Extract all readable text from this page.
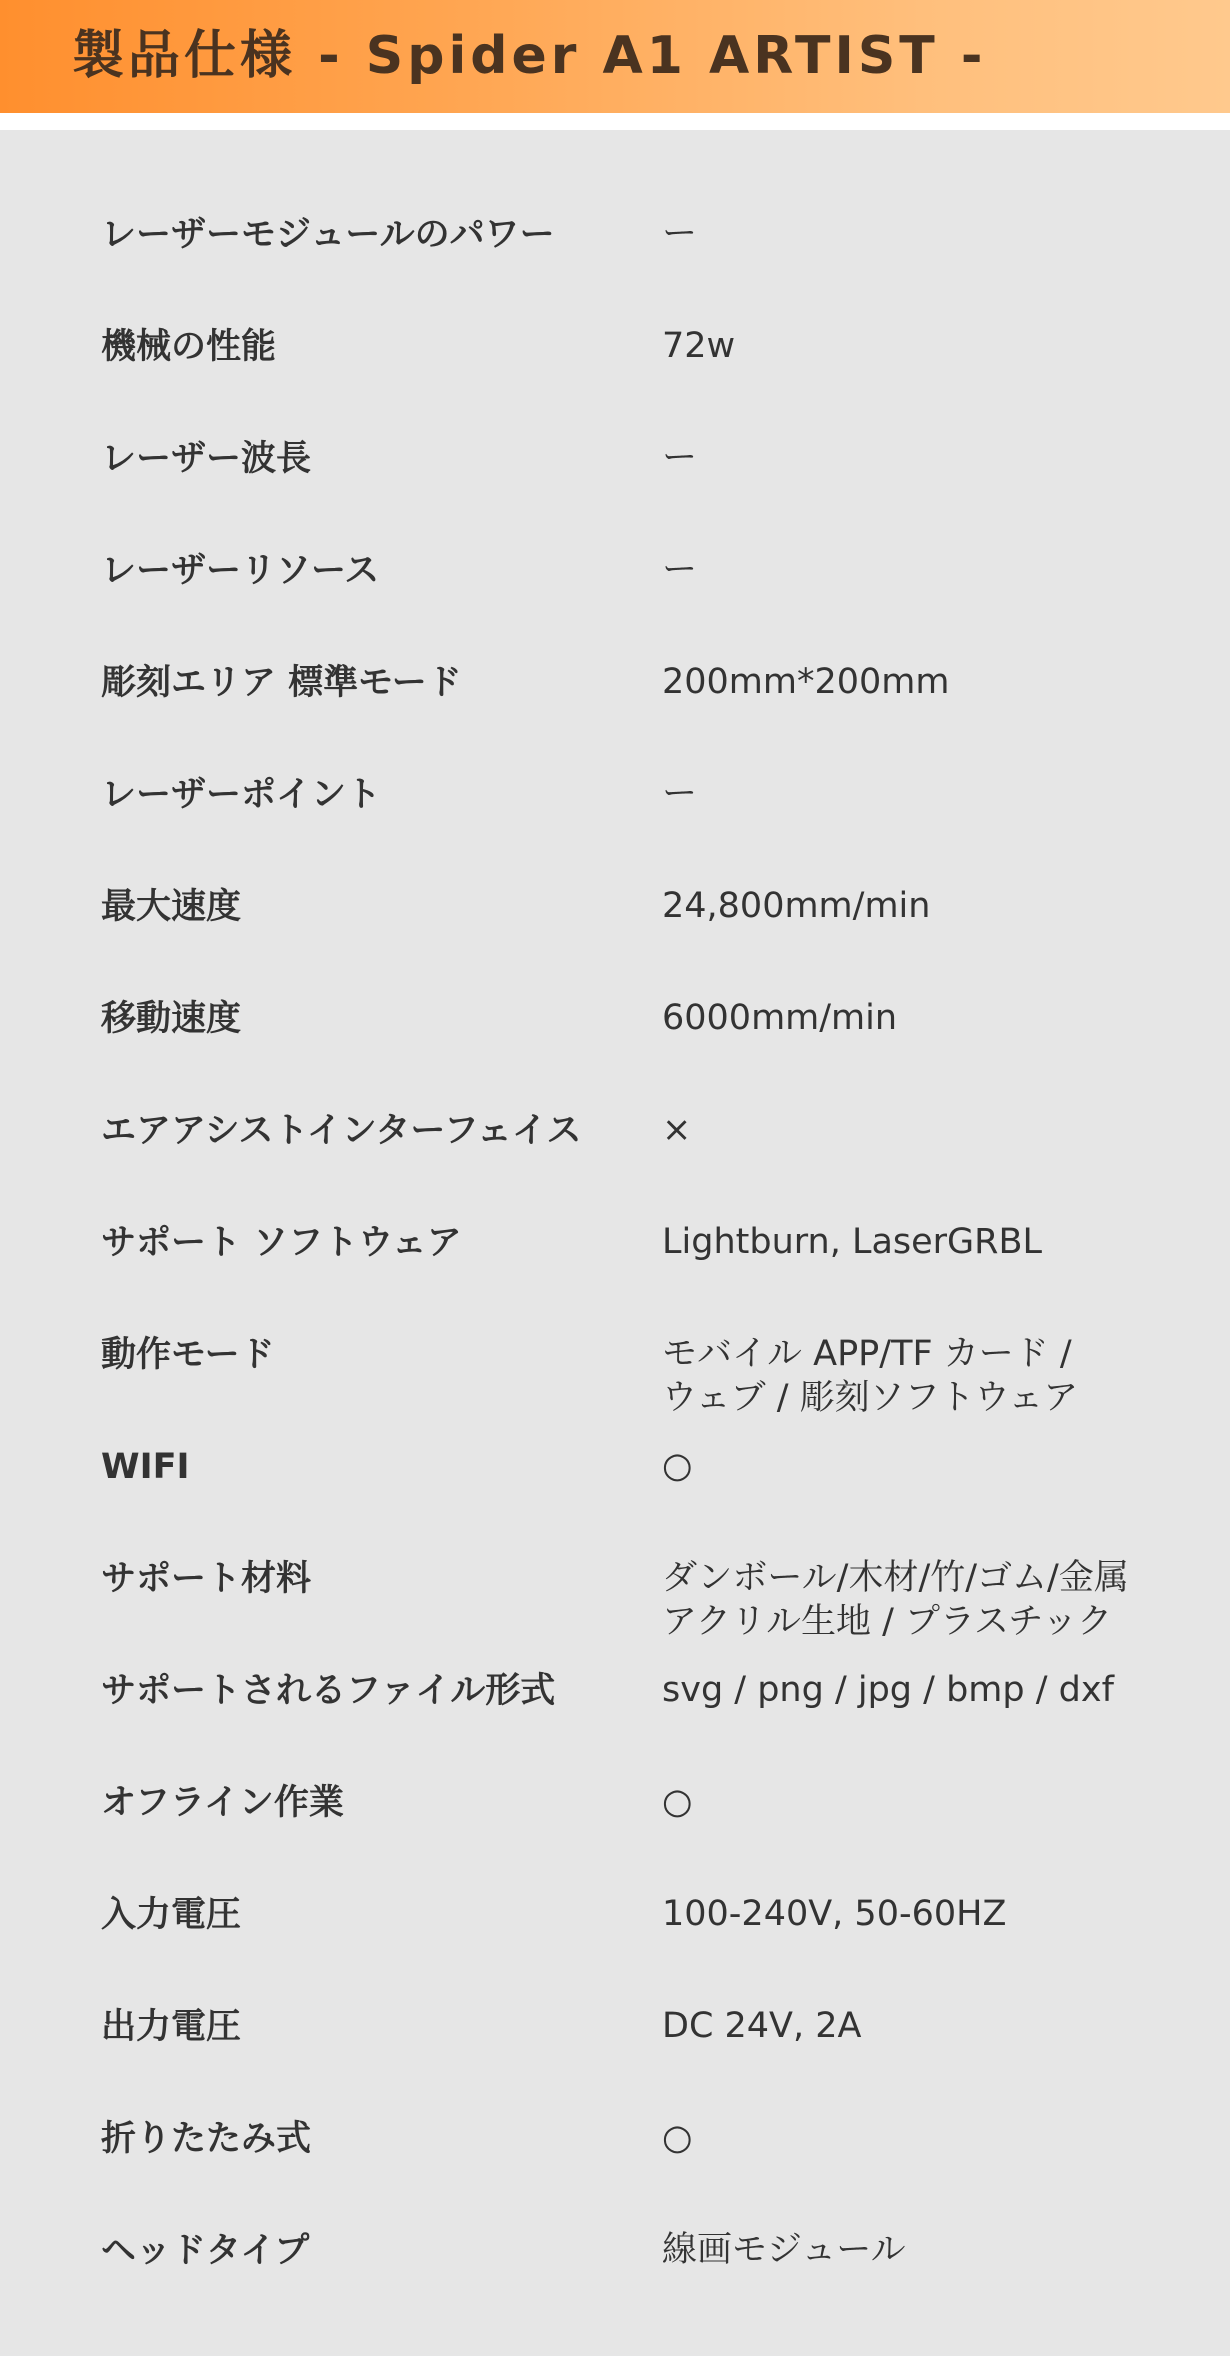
製品仕様 - Spider A1 ARTIST -
レーザーモジュールのパワー	ー
機械の性能	72w
レーザー波長	ー
レーザーリソース	ー
彫刻エリア 標準モード	200mm*200mm
レーザーポイント	ー
最大速度	24,800mm/min
移動速度	6000mm/min
エアアシストインターフェイス	×
サポート ソフトウェア	Lightburn, LaserGRBL
動作モード	モバイル APP/TF カード /
ウェブ / 彫刻ソフトウェア
WIFI	○
サポート材料	ダンボール/木材/竹/ゴム/金属
アクリル生地 / プラスチック
サポートされるファイル形式	svg / png / jpg / bmp / dxf
オフライン作業	○
入力電圧	100-240V, 50-60HZ
出力電圧	DC 24V, 2A
折りたたみ式	○
ヘッドタイプ	線画モジュール
